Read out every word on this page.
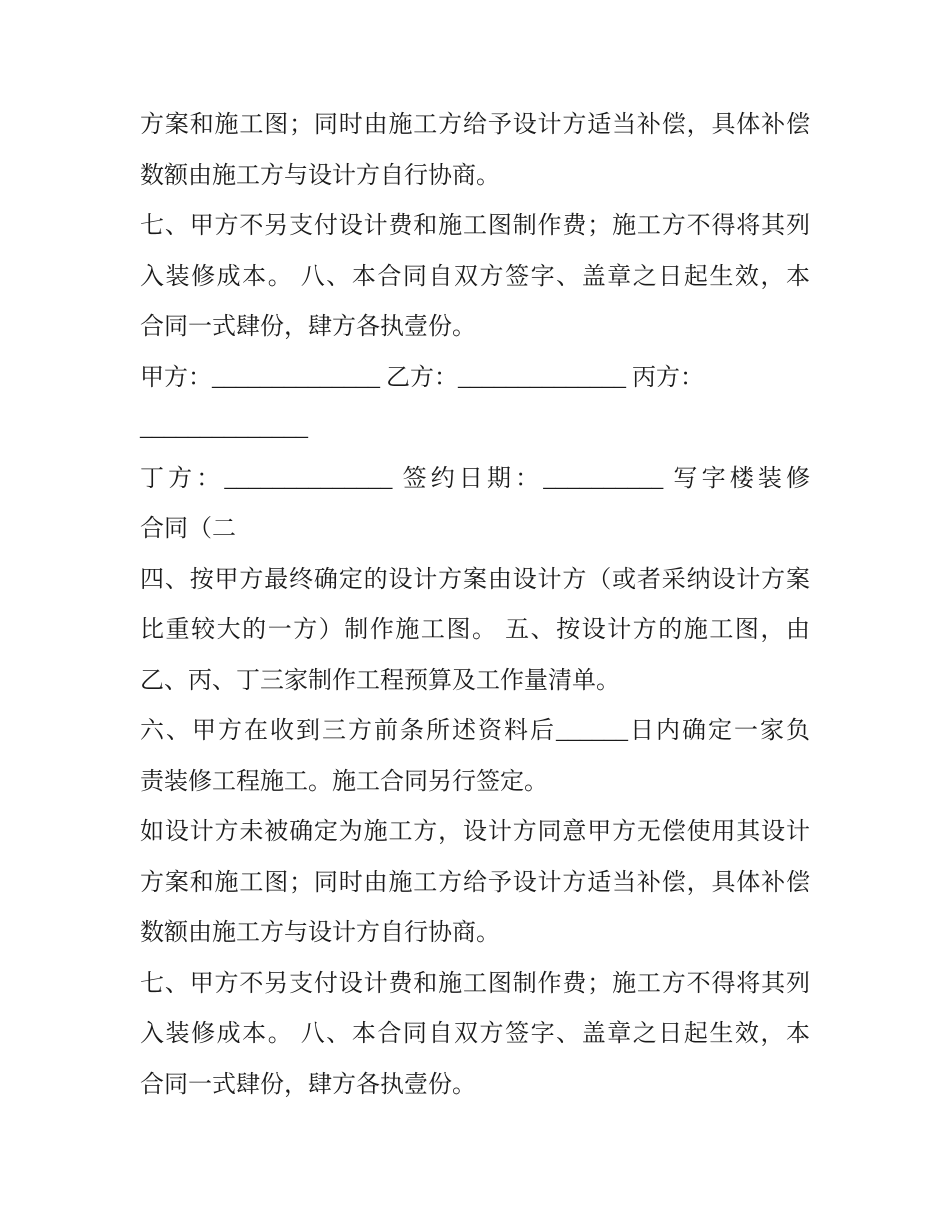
方案和施工图；同时由施工方给予设计方适当补偿，具体补偿
数额由施工方与设计方自行协商。
七、甲方不另支付设计费和施工图制作费；施工方不得将其列
入装修成本。 八、本合同自双方签字、盖章之日起生效，本
合同一式肆份，肆方各执壹份。
甲方：______________ 乙方：______________ 丙方：
______________
丁方：______________ 签约日期：__________ 写字楼装修
合同（二
四、按甲方最终确定的设计方案由设计方（或者采纳设计方案
比重较大的一方）制作施工图。 五、按设计方的施工图，由
乙、丙、丁三家制作工程预算及工作量清单。
六、甲方在收到三方前条所述资料后______日内确定一家负
责装修工程施工。施工合同另行签定。
如设计方未被确定为施工方，设计方同意甲方无偿使用其设计
方案和施工图；同时由施工方给予设计方适当补偿，具体补偿
数额由施工方与设计方自行协商。
七、甲方不另支付设计费和施工图制作费；施工方不得将其列
入装修成本。 八、本合同自双方签字、盖章之日起生效，本
合同一式肆份，肆方各执壹份。
